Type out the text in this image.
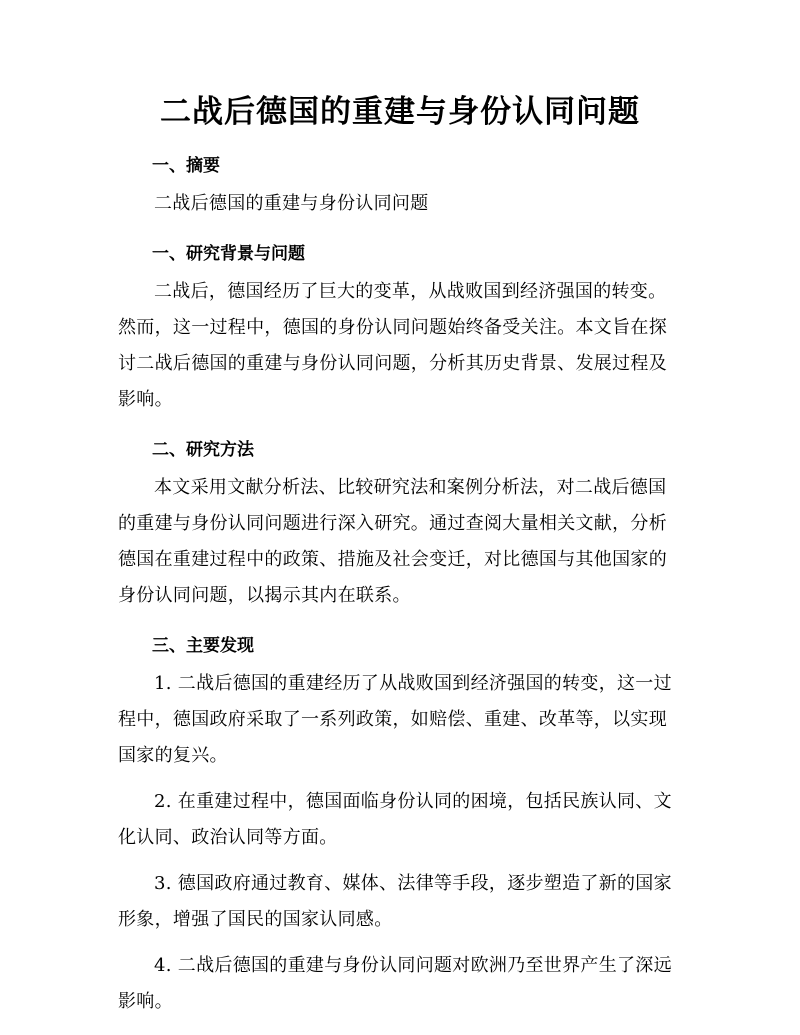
二战后德国的重建与身份认同问题
一、摘要

二战后德国的重建与身份认同问题

一、研究背景与问题

二战后，德国经历了巨大的变革，从战败国到经济强国的转变。然而，这一过程中，德国的身份认同问题始终备受关注。本文旨在探讨二战后德国的重建与身份认同问题，分析其历史背景、发展过程及影响。

二、研究方法

本文采用文献分析法、比较研究法和案例分析法，对二战后德国的重建与身份认同问题进行深入研究。通过查阅大量相关文献，分析德国在重建过程中的政策、措施及社会变迁，对比德国与其他国家的身份认同问题，以揭示其内在联系。

三、主要发现

1. 二战后德国的重建经历了从战败国到经济强国的转变，这一过程中，德国政府采取了一系列政策，如赔偿、重建、改革等，以实现国家的复兴。

2. 在重建过程中，德国面临身份认同的困境，包括民族认同、文化认同、政治认同等方面。

3. 德国政府通过教育、媒体、法律等手段，逐步塑造了新的国家形象，增强了国民的国家认同感。

4. 二战后德国的重建与身份认同问题对欧洲乃至世界产生了深远影响。
